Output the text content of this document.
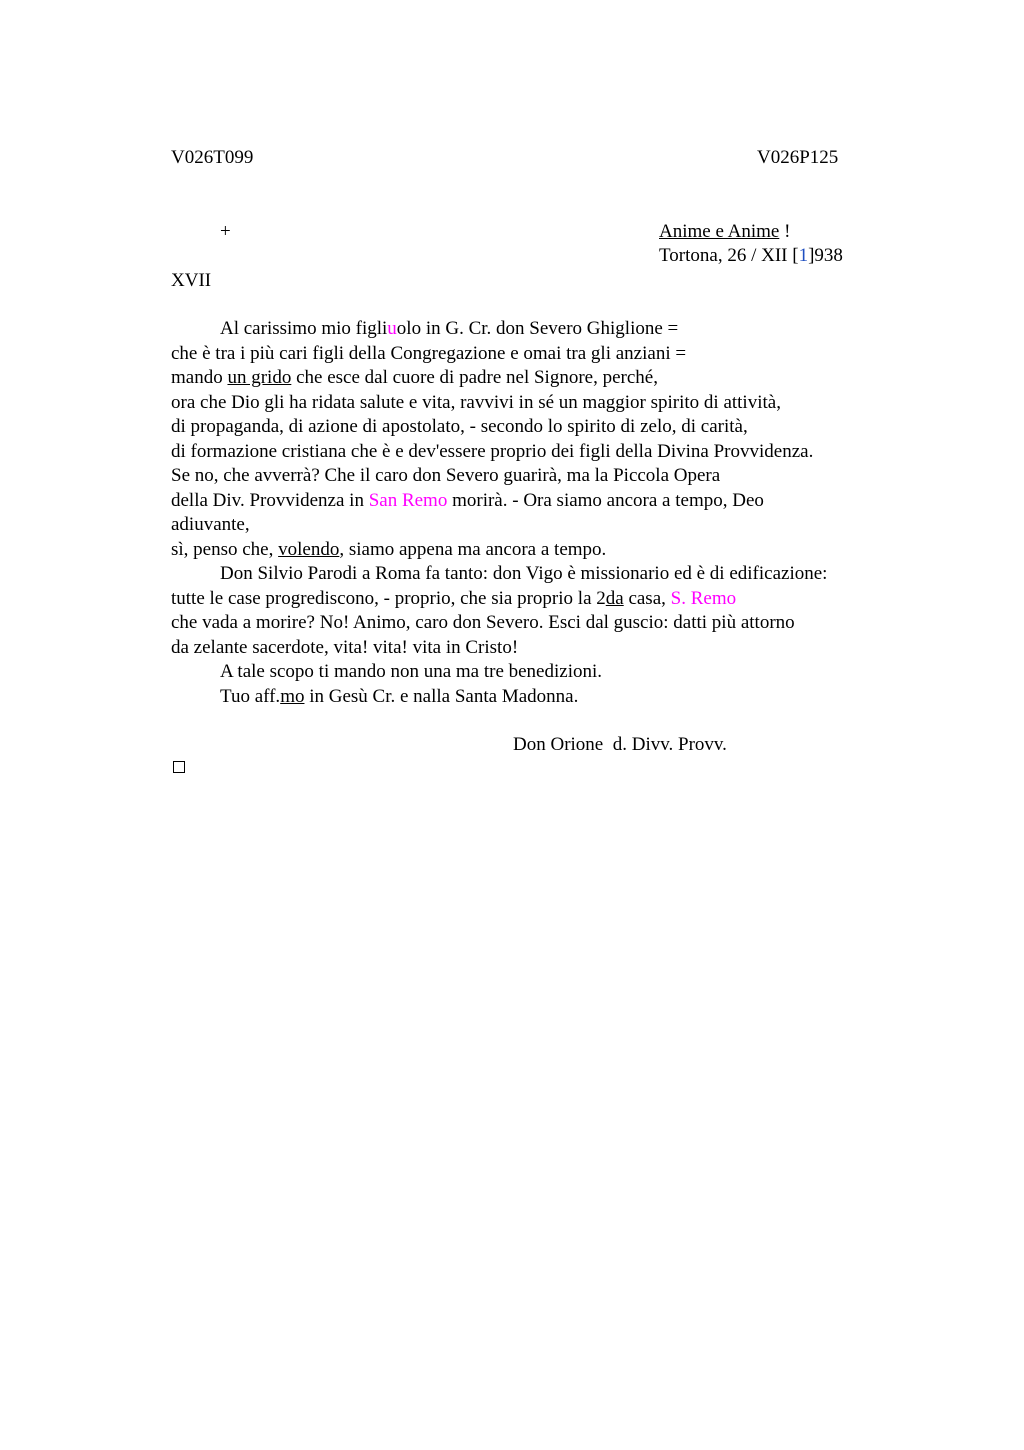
V026T099	V026P125
+	Anime e Anime !
Tortona, 26 / XII [1]938
XVII
Al carissimo mio figliuolo in G. Cr. don Severo Ghiglione =
che è tra i più cari figli della Congregazione e omai tra gli anziani =
mando un grido che esce dal cuore di padre nel Signore, perché,
ora che Dio gli ha ridata salute e vita, ravvivi in sé un maggior spirito di attività,
di propaganda, di azione di apostolato, - secondo lo spirito di zelo, di carità,
di formazione cristiana che è e dev'essere proprio dei figli della Divina Provvidenza.
Se no, che avverrà? Che il caro don Severo guarirà, ma la Piccola Opera
della Div. Provvidenza in San Remo morirà. - Ora siamo ancora a tempo, Deo
adiuvante,
sì, penso che, volendo, siamo appena ma ancora a tempo.
Don Silvio Parodi a Roma fa tanto: don Vigo è missionario ed è di edificazione:
tutte le case progrediscono, - proprio, che sia proprio la 2da casa, S. Remo
che vada a morire? No! Animo, caro don Severo. Esci dal guscio: datti più attorno
da zelante sacerdote, vita! vita! vita in Cristo!
A tale scopo ti mando non una ma tre benedizioni.
Tuo aff.mo in Gesù Cr. e nalla Santa Madonna.
Don Orione  d. Divv. Provv.
